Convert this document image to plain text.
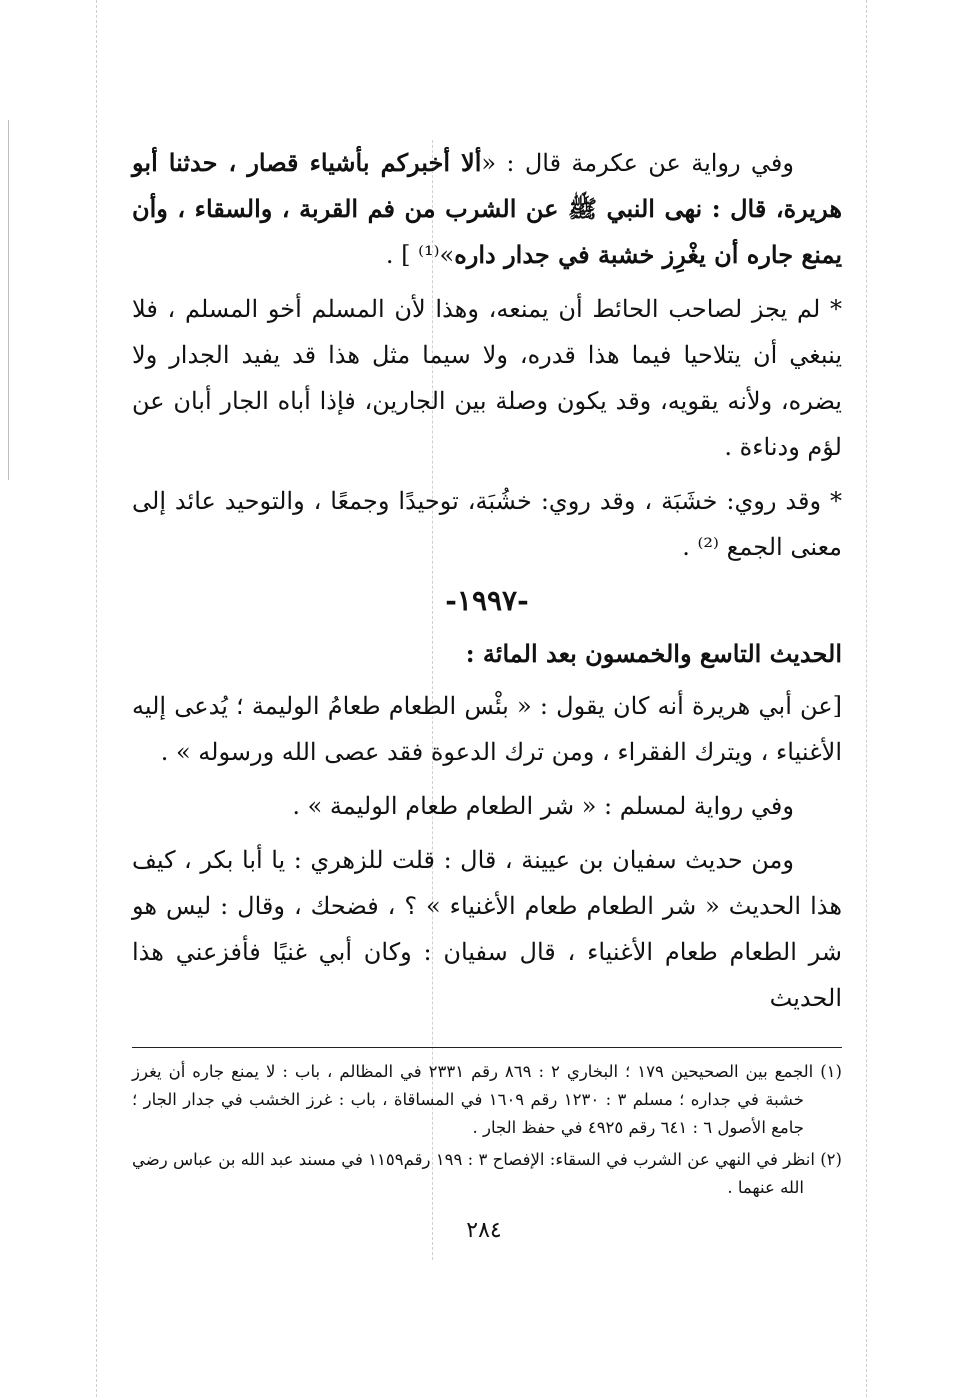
وفي رواية عن عكرمة قال : «ألا أخبركم بأشياء قصار ، حدثنا أبو هريرة، قال : نهى النبي ﷺ عن الشرب من فم القربة ، والسقاء ، وأن يمنع جاره أن يغْرِز خشبة في جدار داره»⁽¹⁾ ] .

* لم يجز لصاحب الحائط أن يمنعه، وهذا لأن المسلم أخو المسلم ، فلا ينبغي أن يتلاحيا فيما هذا قدره، ولا سيما مثل هذا قد يفيد الجدار ولا يضره، ولأنه يقويه، وقد يكون وصلة بين الجارين، فإذا أباه الجار أبان عن لؤم ودناءة .

* وقد روي: خشَبَة ، وقد روي: خشُبَة، توحيدًا وجمعًا ، والتوحيد عائد إلى معنى الجمع ⁽²⁾ .

-١٩٩٧-

الحديث التاسع والخمسون بعد المائة :

[عن أبي هريرة أنه كان يقول : « بئْس الطعام طعامُ الوليمة ؛ يُدعى إليه الأغنياء ، ويترك الفقراء ، ومن ترك الدعوة فقد عصى الله ورسوله » .

وفي رواية لمسلم : « شر الطعام طعام الوليمة » .

ومن حديث سفيان بن عيينة ، قال : قلت للزهري : يا أبا بكر ، كيف هذا الحديث « شر الطعام طعام الأغنياء » ؟ ، فضحك ، وقال : ليس هو شر الطعام طعام الأغنياء ، قال سفيان : وكان أبي غنيًا فأفزعني هذا الحديث

(١) الجمع بين الصحيحين ١٧٩ ؛ البخاري ٢ : ٨٦٩ رقم ٢٣٣١ في المظالم ، باب : لا يمنع جاره أن يغرز خشبة في جداره ؛ مسلم ٣ : ١٢٣٠ رقم ١٦٠٩ في المساقاة ، باب : غرز الخشب في جدار الجار ؛ جامع الأصول ٦ : ٦٤١ رقم ٤٩٢٥ في حفظ الجار .

(٢) انظر في النهي عن الشرب في السقاء: الإفصاح ٣ : ١٩٩ رقم١١٥٩ في مسند عبد الله بن عباس رضي الله عنهما .

٢٨٤
